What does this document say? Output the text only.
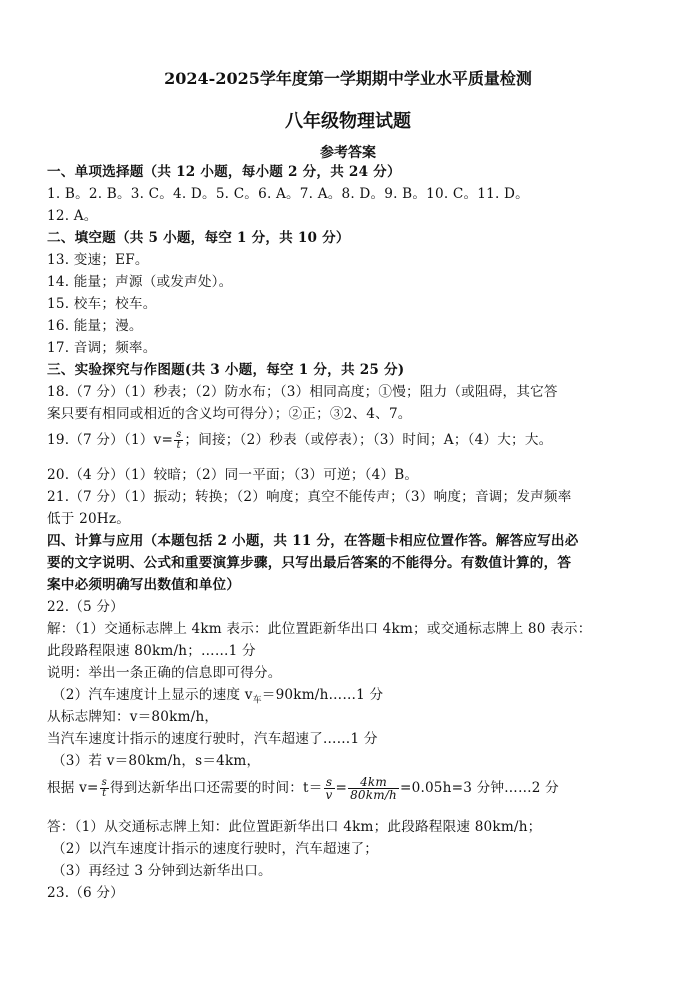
2024-2025学年度第一学期期中学业水平质量检测
八年级物理试题
参考答案
一、单项选择题（共 12 小题，每小题 2 分，共 24 分）
1. B。2. B。3. C。4. D。5. C。6. A。7. A。8. D。9. B。10. C。11. D。
12. A。
二、填空题（共 5 小题，每空 1 分，共 10 分）
13. 变速；EF。
14. 能量；声源（或发声处）。
15. 校车；校车。
16. 能量；漫。
17. 音调；频率。
三、实验探究与作图题(共 3 小题，每空 1 分，共 25 分)
18.（7 分）（1）秒表；（2）防水布；（3）相同高度；①慢；阻力（或阻碍，其它答
案只要有相同或相近的含义均可得分）；②正；③2、4、7。
19.（7 分）$(1)v= \frac{s}{t}$ ；间接；（2）秒表（或停表）；（3）时间；A；（4）大；大。
20.（4 分）（1）较暗；（2）同一平面；（3）可逆；（4）B。
21.（7 分）（1）振动；转换；（2）响度；真空不能传声；（3）响度；音调；发声频率
低于 20Hz。
四、计算与应用（本题包括 2 小题，共 11 分，在答题卡相应位置作答。解答应写出必
要的文字说明、公式和重要演算步骤，只写出最后答案的不能得分。有数值计算的，答
案中必须明确写出数值和单位）
22.（5 分）
解：（1）交通标志牌上 4km 表示：此位置距新华出口 4km；或交通标志牌上 80 表示：
此段路程限速 80km/h；……1 分
说明：举出一条正确的信息即可得分。
（2）汽车速度计上显示的速度 $v_车=90km/h\dots\dots 1$ 分
从标志牌知：v＝80km/h，
当汽车速度计指示的速度行驶时，汽车超速了……1 分
（3）若 v＝80km/h，s＝4km，
根据 $v= \frac{s}{t}$ 得到达新华出口还需要的时间：$t= \frac{s}{v} = \frac{4km}{80km/h} =0.05h=3$ 分钟……2 分
答：（1）从交通标志牌上知：此位置距新华出口 4km；此段路程限速 80km/h；
（2）以汽车速度计指示的速度行驶时，汽车超速了；
（3）再经过 3 分钟到达新华出口。
23.（6 分）
